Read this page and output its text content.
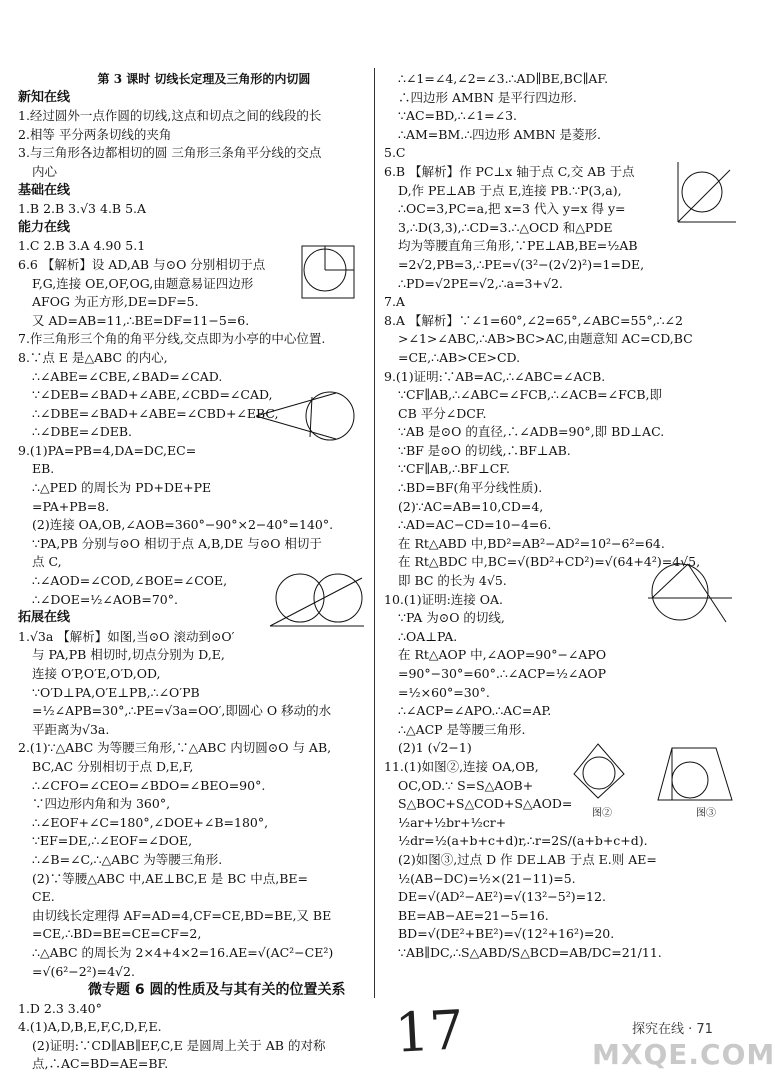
第 3 课时 切线长定理及三角形的内切圆
新知在线
1.经过圆外一点作圆的切线,这点和切点之间的线段的长
2.相等 平分两条切线的夹角
3.与三角形各边都相切的圆 三角形三条角平分线的交点
内心
基础在线
1.B 2.B 3.√3 4.B 5.A
能力在线
1.C 2.B 3.A 4.90 5.1
6.6 【解析】设 AD,AB 与⊙O 分别相切于点
F,G,连接 OE,OF,OG,由题意易证四边形
AFOG 为正方形,DE=DF=5.
又 AD=AB=11,∴BE=DF=11−5=6.
7.作三角形三个角的角平分线,交点即为小亭的中心位置.
8.∵点 E 是△ABC 的内心,
∴∠ABE=∠CBE,∠BAD=∠CAD.
∵∠DEB=∠BAD+∠ABE,∠CBD=∠CAD,
∴∠DBE=∠BAD+∠ABE=∠CBD+∠EBC,
∴∠DBE=∠DEB.
9.(1)PA=PB=4,DA=DC,EC=
EB.
∴△PED 的周长为 PD+DE+PE
=PA+PB=8.
(2)连接 OA,OB,∠AOB=360°−90°×2−40°=140°.
∵PA,PB 分别与⊙O 相切于点 A,B,DE 与⊙O 相切于
点 C,
∴∠AOD=∠COD,∠BOE=∠COE,
∴∠DOE=½∠AOB=70°.
拓展在线
1.√3a 【解析】如图,当⊙O 滚动到⊙O′
与 PA,PB 相切时,切点分别为 D,E,
连接 O′P,O′E,O′D,OD,
∵O′D⊥PA,O′E⊥PB,∴∠O′PB
=½∠APB=30°,∴PE=√3a=OO′,即圆心 O 移动的水
平距离为√3a.
2.(1)∵△ABC 为等腰三角形,∵△ABC 内切圆⊙O 与 AB,
BC,AC 分别相切于点 D,E,F,
∴∠CFO=∠CEO=∠BDO=∠BEO=90°.
∵四边形内角和为 360°,
∴∠EOF+∠C=180°,∠DOE+∠B=180°,
∵EF=DE,∴∠EOF=∠DOE,
∴∠B=∠C,∴△ABC 为等腰三角形.
(2)∵等腰△ABC 中,AE⊥BC,E 是 BC 中点,BE=
CE.
由切线长定理得 AF=AD=4,CF=CE,BD=BE,又 BE
=CE,∴BD=BE=CE=CF=2,
∴△ABC 的周长为 2×4+4×2=16.AE=√(AC²−CE²)
=√(6²−2²)=4√2.
微专题 6 圆的性质及与其有关的位置关系
1.D 2.3 3.40°
4.(1)A,D,B,E,F,C,D,F,E.
(2)证明:∵CD∥AB∥EF,C,E 是圆周上关于 AB 的对称
点,∴AC=BD=AE=BF.
∴∠1=∠4,∠2=∠3.∴AD∥BE,BC∥AF.
∴四边形 AMBN 是平行四边形.
∵AC=BD,∴∠1=∠3.
∴AM=BM.∴四边形 AMBN 是菱形.
5.C
6.B 【解析】作 PC⊥x 轴于点 C,交 AB 于点
D,作 PE⊥AB 于点 E,连接 PB.∵P(3,a),
∴OC=3,PC=a,把 x=3 代入 y=x 得 y=
3,∴D(3,3),∴CD=3.∴△OCD 和△PDE
均为等腰直角三角形,∵PE⊥AB,BE=½AB
=2√2,PB=3,∴PE=√(3²−(2√2)²)=1=DE,
∴PD=√2PE=√2,∴a=3+√2.
7.A
8.A 【解析】∵∠1=60°,∠2=65°,∠ABC=55°,∴∠2
>∠1>∠ABC,∴AB>BC>AC,由题意知 AC=CD,BC
=CE,∴AB>CE>CD.
9.(1)证明:∵AB=AC,∴∠ABC=∠ACB.
∵CF∥AB,∴∠ABC=∠FCB,∴∠ACB=∠FCB,即
CB 平分∠DCF.
∵AB 是⊙O 的直径,∴∠ADB=90°,即 BD⊥AC.
∵BF 是⊙O 的切线,∴BF⊥AB.
∵CF∥AB,∴BF⊥CF.
∴BD=BF(角平分线性质).
(2)∵AC=AB=10,CD=4,
∴AD=AC−CD=10−4=6.
在 Rt△ABD 中,BD²=AB²−AD²=10²−6²=64.
在 Rt△BDC 中,BC=√(BD²+CD²)=√(64+4²)=4√5,
即 BC 的长为 4√5.
10.(1)证明:连接 OA.
∵PA 为⊙O 的切线,
∴OA⊥PA.
在 Rt△AOP 中,∠AOP=90°−∠APO
=90°−30°=60°.∴∠ACP=½∠AOP
=½×60°=30°.
∴∠ACP=∠APO.∴AC=AP.
∴△ACP 是等腰三角形.
(2)1 (√2−1)
11.(1)如图②,连接 OA,OB,
OC,OD.∵ S=S△AOB+
S△BOC+S△COD+S△AOD=
½ar+½br+½cr+
½dr=½(a+b+c+d)r,∴r=2S/(a+b+c+d).
(2)如图③,过点 D 作 DE⊥AB 于点 E.则 AE=
½(AB−DC)=½×(21−11)=5.
DE=√(AD²−AE²)=√(13²−5²)=12.
BE=AB−AE=21−5=16.
BD=√(DE²+BE²)=√(12²+16²)=20.
∵AB∥DC,∴S△ABD/S△BCD=AB/DC=21/11.
图②	图③
17	探究在线 · 71
MXQE.COM
